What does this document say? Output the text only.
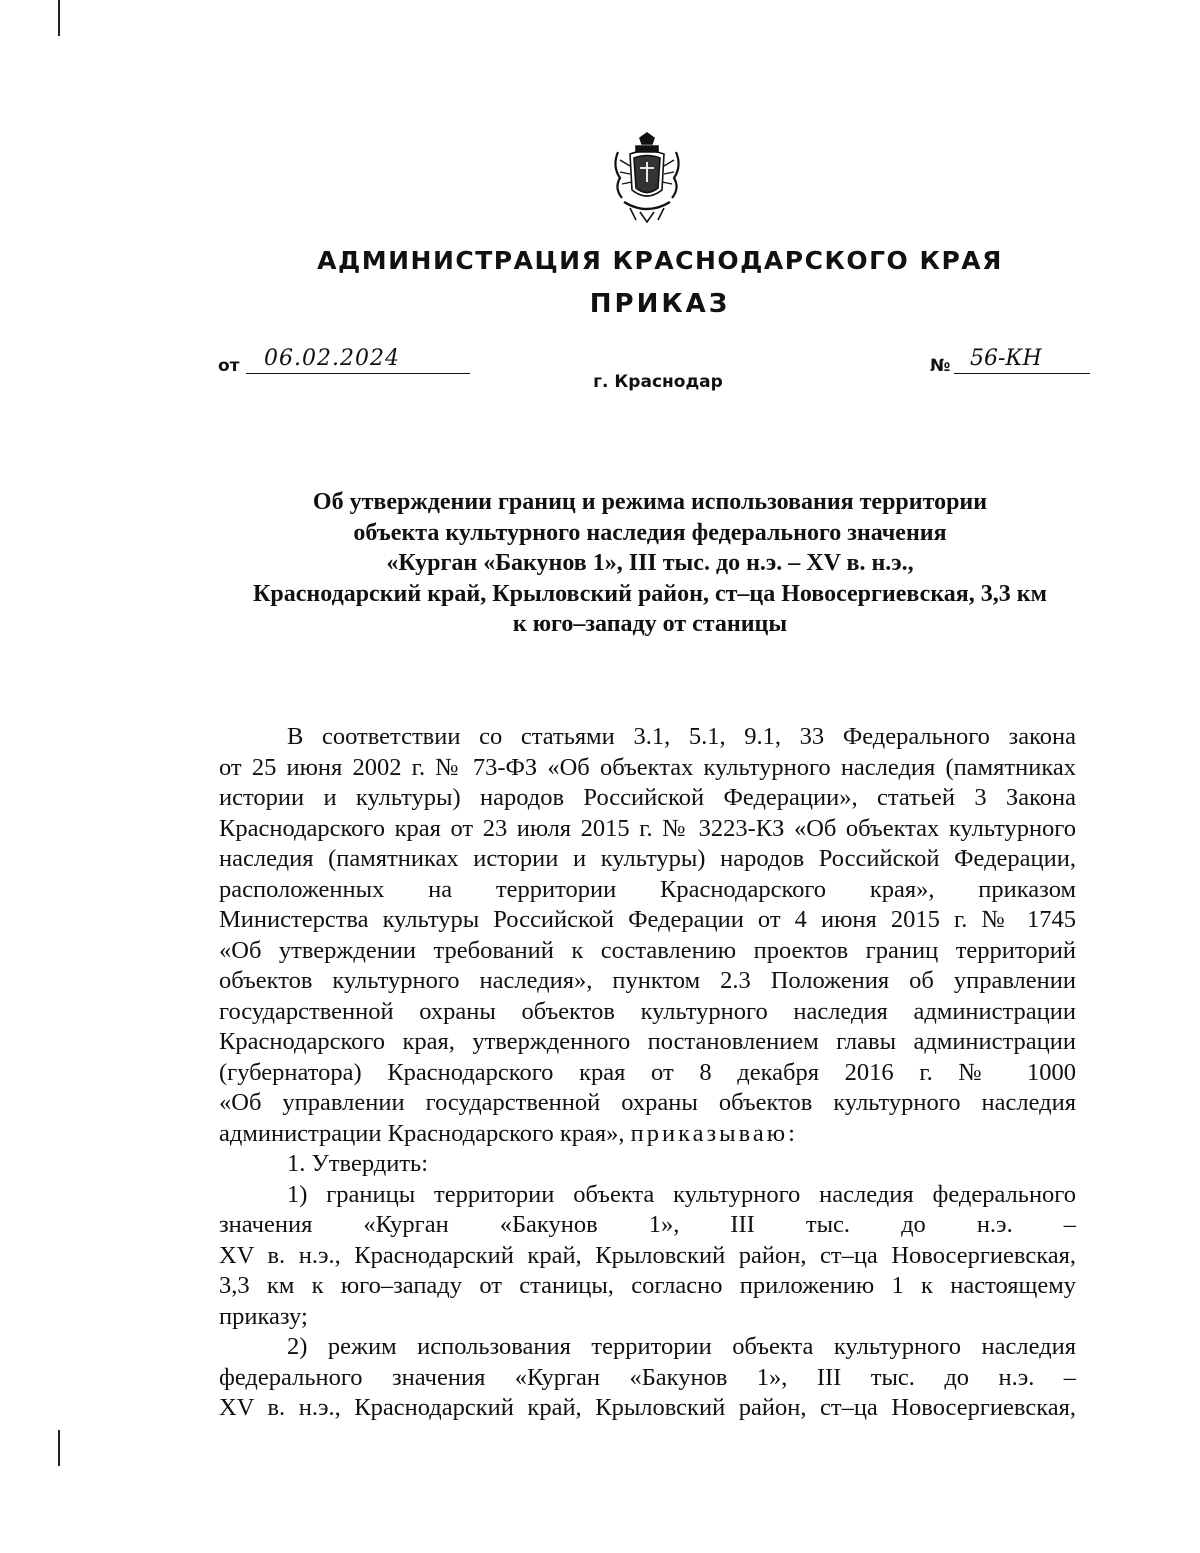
АДМИНИСТРАЦИЯ КРАСНОДАРСКОГО КРАЯ
ПРИКАЗ
от 06.02.2024	№ 56-КН
г. Краснодар
Об утверждении границ и режима использования территории
объекта культурного наследия федерального значения
«Курган «Бакунов 1», III тыс. до н.э. – XV в. н.э.,
Краснодарский край, Крыловский район, ст–ца Новосергиевская, 3,3 км
к юго–западу от станицы
В соответствии со статьями 3.1, 5.1, 9.1, 33 Федерального закона
от 25 июня 2002 г. № 73-ФЗ «Об объектах культурного наследия (памятниках
истории и культуры) народов Российской Федерации», статьей 3 Закона
Краснодарского края от 23 июля 2015 г. № 3223-КЗ «Об объектах культурного
наследия (памятниках истории и культуры) народов Российской Федерации,
расположенных на территории Краснодарского края», приказом
Министерства культуры Российской Федерации от 4 июня 2015 г. № 1745
«Об утверждении требований к составлению проектов границ территорий
объектов культурного наследия», пунктом 2.3 Положения об управлении
государственной охраны объектов культурного наследия администрации
Краснодарского края, утвержденного постановлением главы администрации
(губернатора) Краснодарского края от 8 декабря 2016 г. № 1000
«Об управлении государственной охраны объектов культурного наследия
администрации Краснодарского края», приказываю:
1. Утвердить:
1) границы территории объекта культурного наследия федерального
значения «Курган «Бакунов 1», III тыс. до н.э. –
XV в. н.э., Краснодарский край, Крыловский район, ст–ца Новосергиевская,
3,3 км к юго–западу от станицы, согласно приложению 1 к настоящему
приказу;
2) режим использования территории объекта культурного наследия
федерального значения «Курган «Бакунов 1», III тыс. до н.э. –
XV в. н.э., Краснодарский край, Крыловский район, ст–ца Новосергиевская,
